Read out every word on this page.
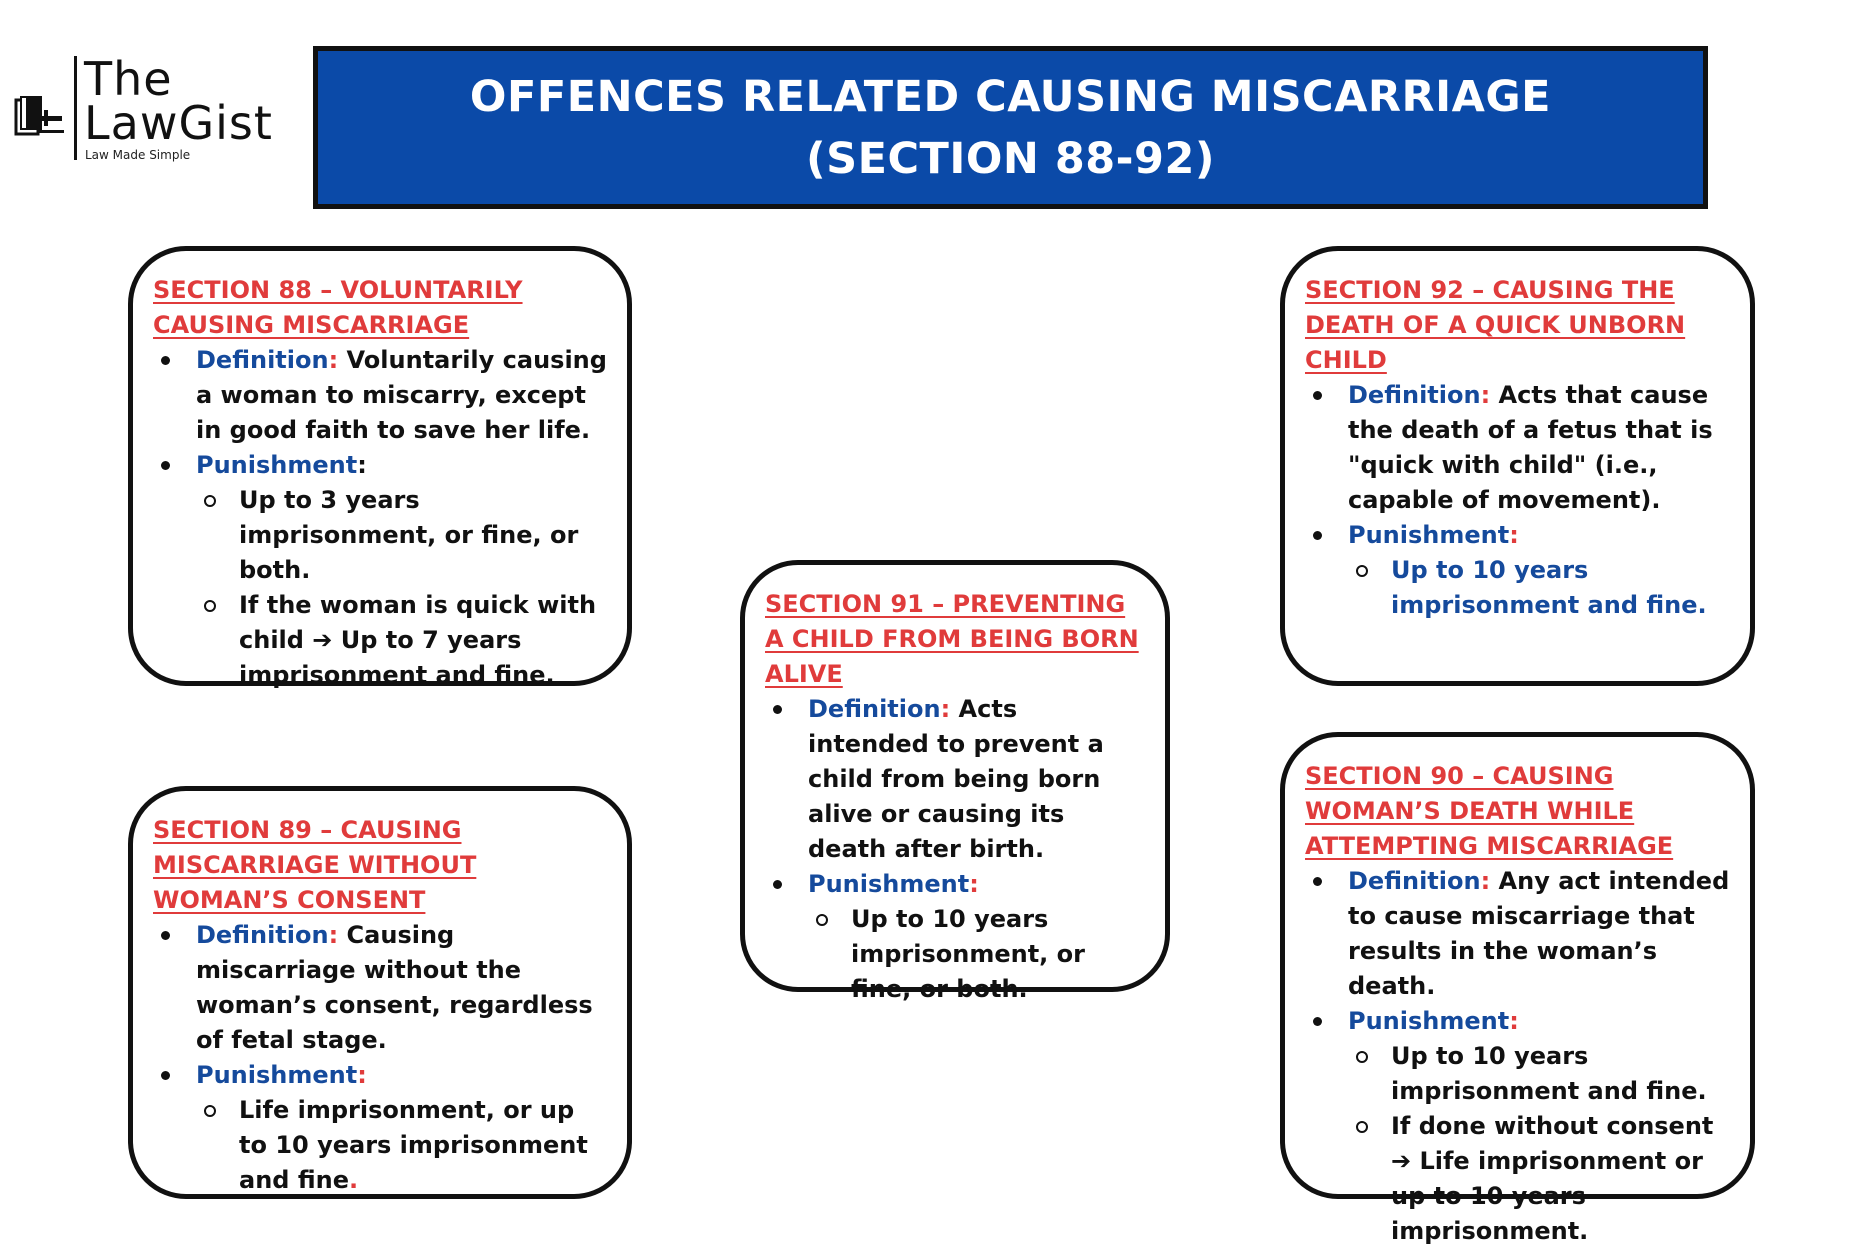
The
LawGist
Law Made Simple
OFFENCES RELATED CAUSING MISCARRIAGE
(SECTION 88-92)
SECTION 88 – VOLUNTARILY CAUSING MISCARRIAGE
Definition: Voluntarily causing a woman to miscarry, except in good faith to save her life.
Punishment:
Up to 3 years imprisonment, or fine, or both.
If the woman is quick with child ➔ Up to 7 years imprisonment and fine.
SECTION 89 – CAUSING MISCARRIAGE WITHOUT WOMAN’S CONSENT
Definition: Causing miscarriage without the woman’s consent, regardless of fetal stage.
Punishment:
Life imprisonment, or up to 10 years imprisonment and fine.
SECTION 91 – PREVENTING A CHILD FROM BEING BORN ALIVE
Definition: Acts intended to prevent a child from being born alive or causing its death after birth.
Punishment:
Up to 10 years imprisonment, or fine, or both.
SECTION 92 – CAUSING THE DEATH OF A QUICK UNBORN CHILD
Definition: Acts that cause the death of a fetus that is "quick with child" (i.e., capable of movement).
Punishment:
Up to 10 years imprisonment and fine.
SECTION 90 – CAUSING WOMAN’S DEATH WHILE ATTEMPTING MISCARRIAGE
Definition: Any act intended to cause miscarriage that results in the woman’s death.
Punishment:
Up to 10 years imprisonment and fine.
If done without consent ➔ Life imprisonment or up to 10 years imprisonment.
